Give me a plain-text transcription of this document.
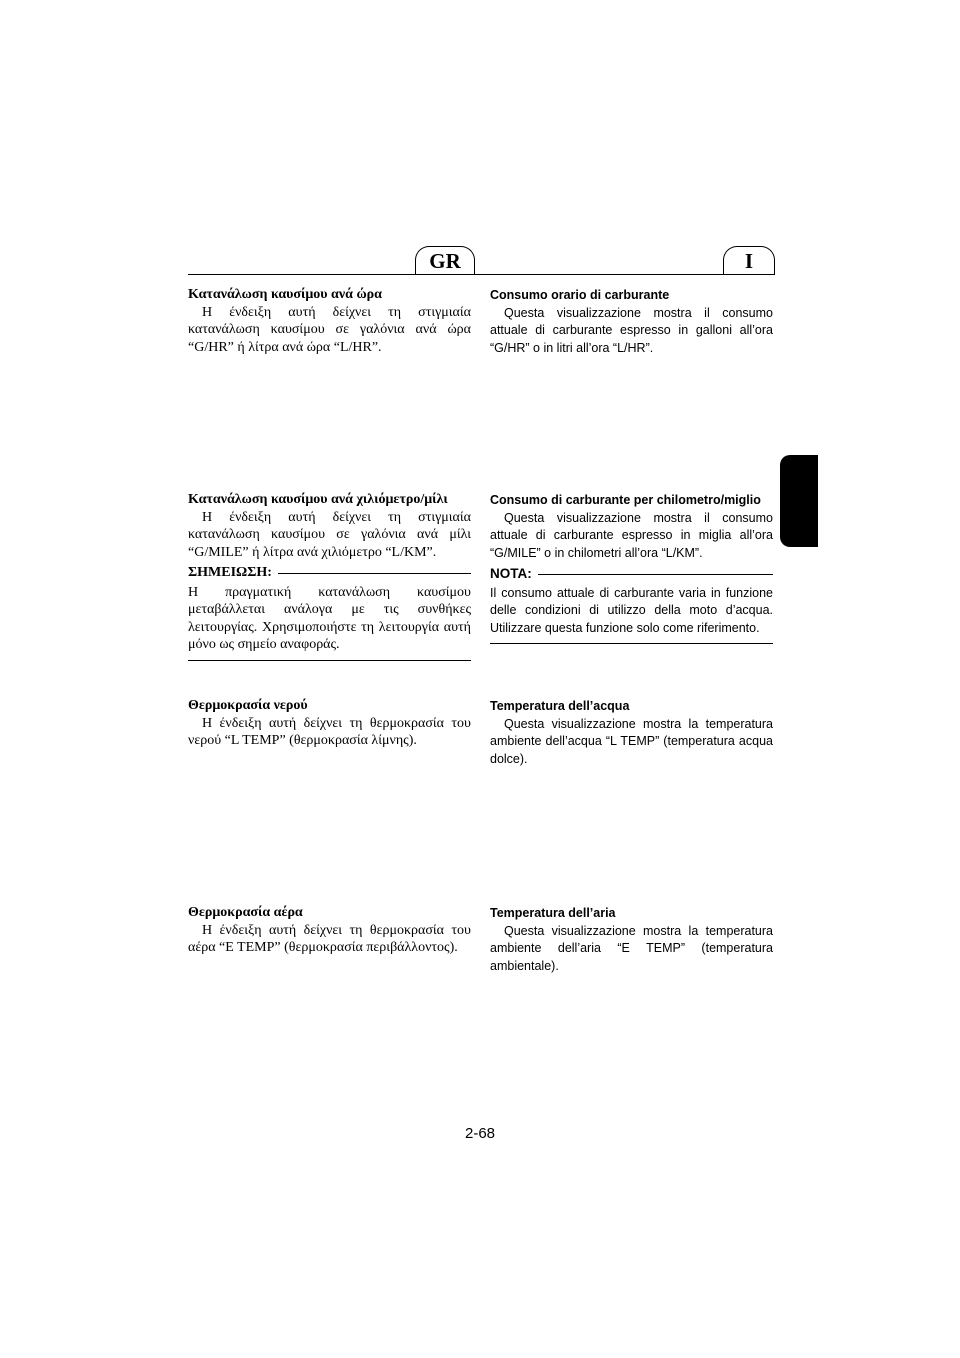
GR	I
Κατανάλωση καυσίμου ανά ώρα

Η ένδειξη αυτή δείχνει τη στιγμιαία κατανάλωση καυσίμου σε γαλόνια ανά ώρα “G/HR” ή λίτρα ανά ώρα “L/HR”.

Consumo orario di carburante

Questa visualizzazione mostra il consumo attuale di carburante espresso in galloni all’ora “G/HR” o in litri all’ora “L/HR”.

Κατανάλωση καυσίμου ανά χιλιόμετρο/μίλι

Η ένδειξη αυτή δείχνει τη στιγμιαία κατανάλωση καυσίμου σε γαλόνια ανά μίλι “G/MILE” ή λίτρα ανά χιλιόμετρο “L/KM”.

ΣΗΜΕΙΩΣΗ:

Η πραγματική κατανάλωση καυσίμου μεταβάλλεται ανάλογα με τις συνθήκες λειτουργίας. Χρησιμοποιήστε τη λειτουργία αυτή μόνο ως σημείο αναφοράς.

Consumo di carburante per chilometro/miglio

Questa visualizzazione mostra il consumo attuale di carburante espresso in miglia all’ora “G/MILE” o in chilometri all’ora “L/KM”.

NOTA:

Il consumo attuale di carburante varia in funzione delle condizioni di utilizzo della moto d’acqua. Utilizzare questa funzione solo come riferimento.

Θερμοκρασία νερού

Η ένδειξη αυτή δείχνει τη θερμοκρασία του νερού “L TEMP” (θερμοκρασία λίμνης).

Temperatura dell’acqua

Questa visualizzazione mostra la temperatura ambiente dell’acqua “L TEMP” (temperatura acqua dolce).

Θερμοκρασία αέρα

Η ένδειξη αυτή δείχνει τη θερμοκρασία του αέρα “E TEMP” (θερμοκρασία περιβάλλοντος).

Temperatura dell’aria

Questa visualizzazione mostra la temperatura ambiente dell’aria “E TEMP” (temperatura ambientale).

2-68
